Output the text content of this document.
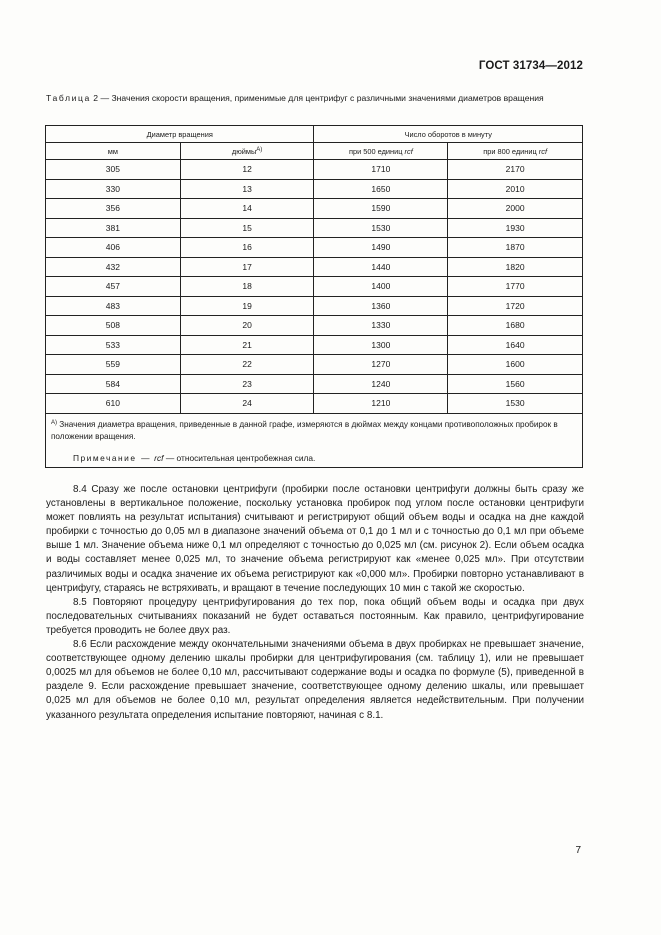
ГОСТ 31734—2012
Таблица 2 — Значения скорости вращения, применимые для центрифуг с различными значениями диаметров вращения
Диаметр вращения		Число оборотов в минуту	
мм	дюймы$^{A)}$	при 500 единиц rcf	при 800 единиц rcf
305	12	1710	2170
330	13	1650	2010
356	14	1590	2000
381	15	1530	1930
406	16	1490	1870
432	17	1440	1820
457	18	1400	1770
483	19	1360	1720
508	20	1330	1680
533	21	1300	1640
559	22	1270	1600
584	23	1240	1560
610	24	1210	1530
$^{A)}$ Значения диаметра вращения, приведенные в данной графе, измеряются в дюймах между концами противоположных пробирок в положении вращения.			
Примечание — rcf — относительная центробежная сила.			

8.4 Сразу же после остановки центрифуги (пробирки после остановки центрифуги должны быть сразу же установлены в вертикальное положение, поскольку установка пробирок под углом после остановки центрифуги может повлиять на результат испытания) считывают и регистрируют общий объем воды и осадка на дне каждой пробирки с точностью до 0,05 мл в диапазоне значений объема от 0,1 до 1 мл и с точностью до 0,1 мл при объеме выше 1 мл. Значение объема ниже 0,1 мл определяют с точностью до 0,025 мл (см. рисунок 2). Если объем осадка и воды составляет менее 0,025 мл, то значение объема регистрируют как «менее 0,025 мл». При отсутствии различимых воды и осадка значение их объема регистрируют как «0,000 мл». Пробирки повторно устанавливают в центрифугу, стараясь не встряхивать, и вращают в течение последующих 10 мин с такой же скоростью.

8.5 Повторяют процедуру центрифугирования до тех пор, пока общий объем воды и осадка при двух последовательных считываниях показаний не будет оставаться постоянным. Как правило, центрифугирование требуется проводить не более двух раз.

8.6 Если расхождение между окончательными значениями объема в двух пробирках не превышает значение, соответствующее одному делению шкалы пробирки для центрифугирования (см. таблицу 1), или не превышает 0,0025 мл для объемов не более 0,10 мл, рассчитывают содержание воды и осадка по формуле (5), приведенной в разделе 9. Если расхождение превышает значение, соответствующее одному делению шкалы, или превышает 0,025 мл для объемов не более 0,10 мл, результат определения является недействительным. При получении указанного результата определения испытание повторяют, начиная с 8.1.

7
